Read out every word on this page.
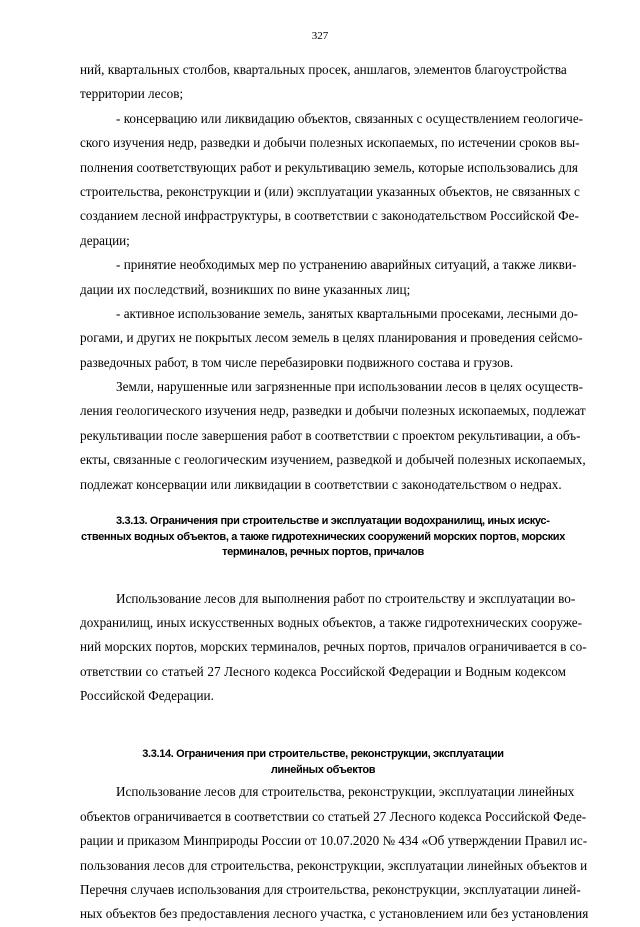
327
ний, квартальных столбов, квартальных просек, аншлагов, элементов благоустройства
территории лесов;
- консервацию или ликвидацию объектов, связанных с осуществлением геологиче-
ского изучения недр, разведки и добычи полезных ископаемых, по истечении сроков вы-
полнения соответствующих работ и рекультивацию земель, которые использовались для
строительства, реконструкции и (или) эксплуатации указанных объектов, не связанных с
созданием лесной инфраструктуры, в соответствии с законодательством Российской Фе-
дерации;
- принятие необходимых мер по устранению аварийных ситуаций, а также ликви-
дации их последствий, возникших по вине указанных лиц;
- активное использование земель, занятых квартальными просеками, лесными до-
рогами, и других не покрытых лесом земель в целях планирования и проведения сейсмо-
разведочных работ, в том числе перебазировки подвижного состава и грузов.
Земли, нарушенные или загрязненные при использовании лесов в целях осуществ-
ления геологического изучения недр, разведки и добычи полезных ископаемых, подлежат
рекультивации после завершения работ в соответствии с проектом рекультивации, а объ-
екты, связанные с геологическим изучением, разведкой и добычей полезных ископаемых,
подлежат консервации или ликвидации в соответствии с законодательством о недрах.
3.3.13. Ограничения при строительстве и эксплуатации водохранилищ, иных искус-
ственных водных объектов, а также гидротехнических сооружений морских портов, морских
терминалов, речных портов, причалов
Использование лесов для выполнения работ по строительству и эксплуатации во-
дохранилищ, иных искусственных водных объектов, а также гидротехнических сооруже-
ний морских портов, морских терминалов, речных портов, причалов ограничивается в со-
ответствии со статьей 27 Лесного кодекса Российской Федерации и Водным кодексом
Российской Федерации.
3.3.14. Ограничения при строительстве, реконструкции, эксплуатации
линейных объектов
Использование лесов для строительства, реконструкции, эксплуатации линейных
объектов ограничивается в соответствии со статьей 27 Лесного кодекса Российской Феде-
рации и приказом Минприроды России от 10.07.2020 № 434 «Об утверждении Правил ис-
пользования лесов для строительства, реконструкции, эксплуатации линейных объектов и
Перечня случаев использования для строительства, реконструкции, эксплуатации линей-
ных объектов без предоставления лесного участка, с установлением или без установления
